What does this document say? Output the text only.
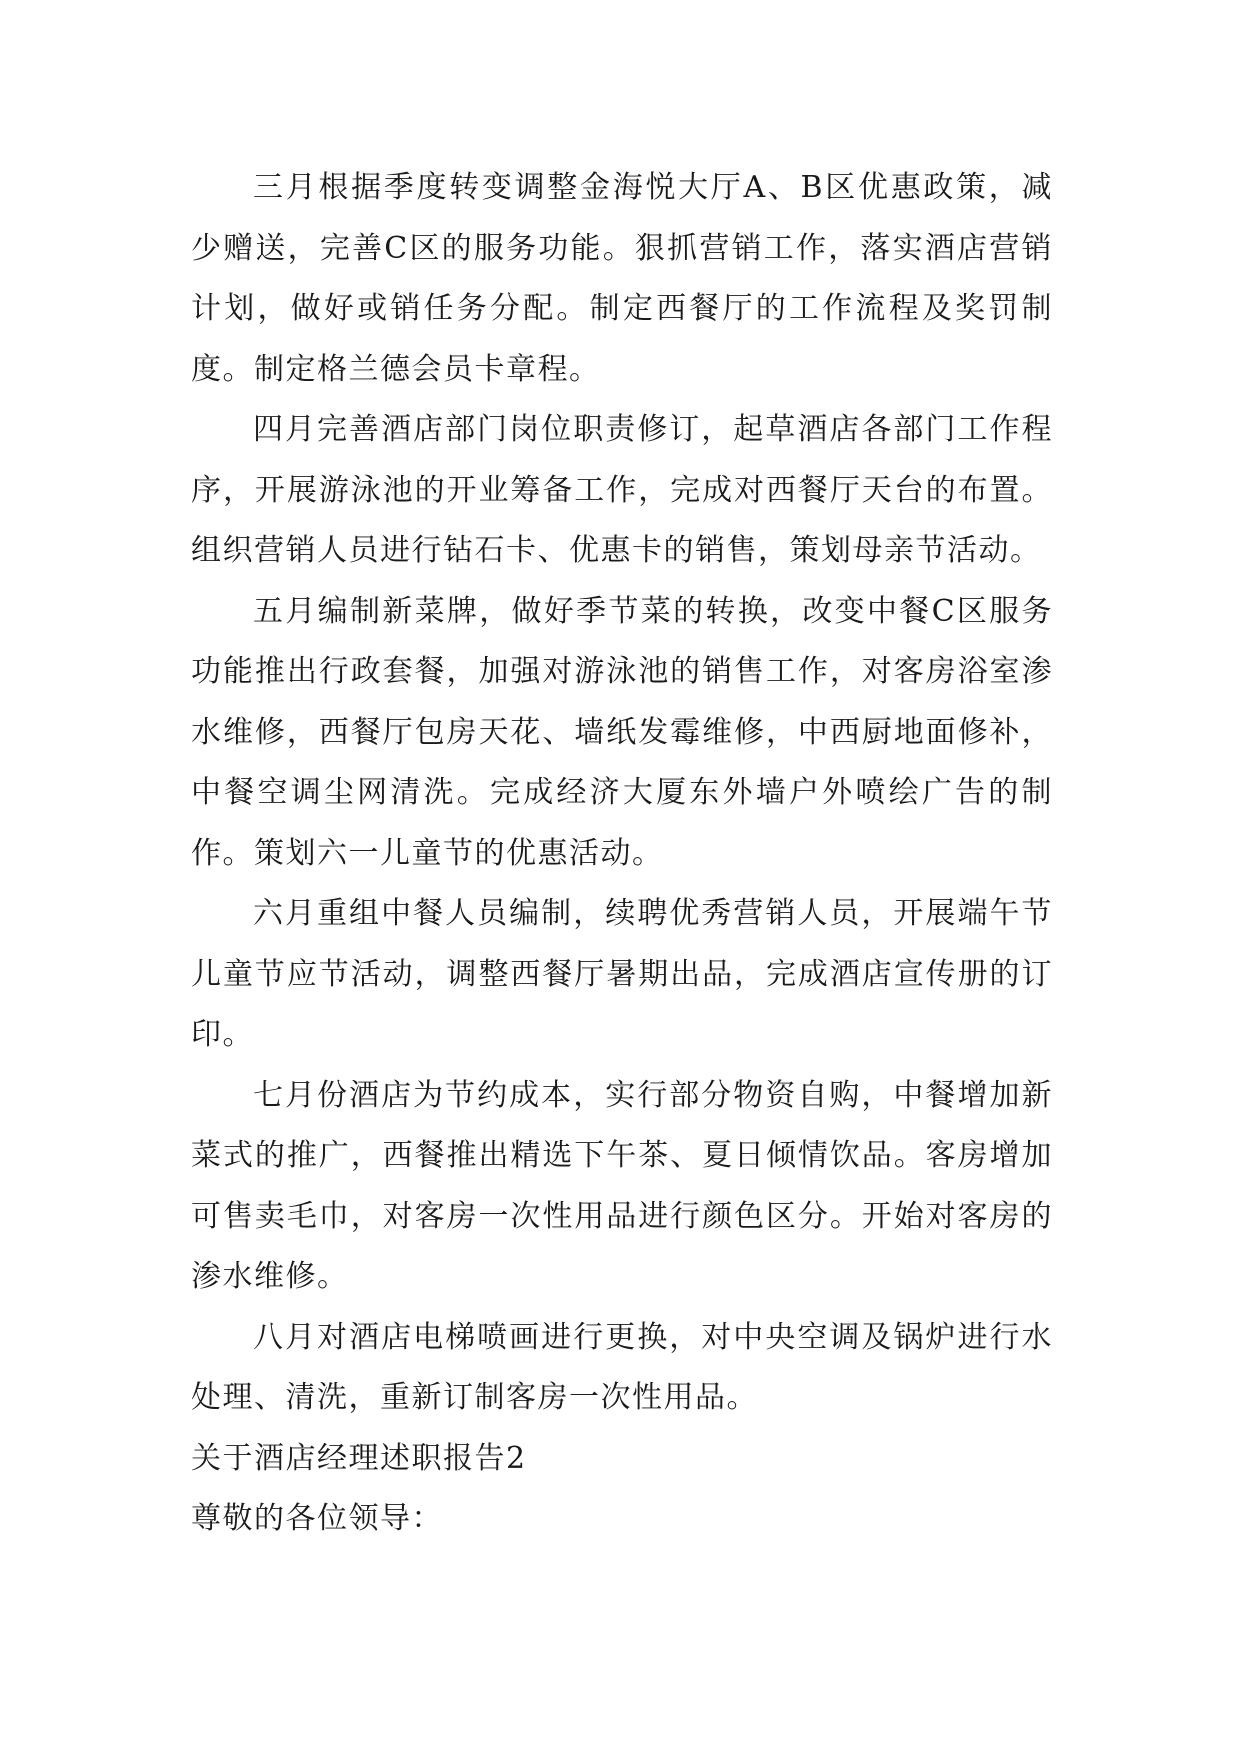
三月根据季度转变调整金海悦大厅A、B区优惠政策，减少赠送，完善C区的服务功能。狠抓营销工作，落实酒店营销计划，做好或销任务分配。制定西餐厅的工作流程及奖罚制度。制定格兰德会员卡章程。

四月完善酒店部门岗位职责修订，起草酒店各部门工作程序，开展游泳池的开业筹备工作，完成对西餐厅天台的布置。组织营销人员进行钻石卡、优惠卡的销售，策划母亲节活动。

五月编制新菜牌，做好季节菜的转换，改变中餐C区服务功能推出行政套餐，加强对游泳池的销售工作，对客房浴室渗水维修，西餐厅包房天花、墙纸发霉维修，中西厨地面修补，中餐空调尘网清洗。完成经济大厦东外墙户外喷绘广告的制作。策划六一儿童节的优惠活动。

六月重组中餐人员编制，续聘优秀营销人员，开展端午节儿童节应节活动，调整西餐厅暑期出品，完成酒店宣传册的订印。

七月份酒店为节约成本，实行部分物资自购，中餐增加新菜式的推广，西餐推出精选下午茶、夏日倾情饮品。客房增加可售卖毛巾，对客房一次性用品进行颜色区分。开始对客房的渗水维修。

八月对酒店电梯喷画进行更换，对中央空调及锅炉进行水处理、清洗，重新订制客房一次性用品。

关于酒店经理述职报告2

尊敬的各位领导：
